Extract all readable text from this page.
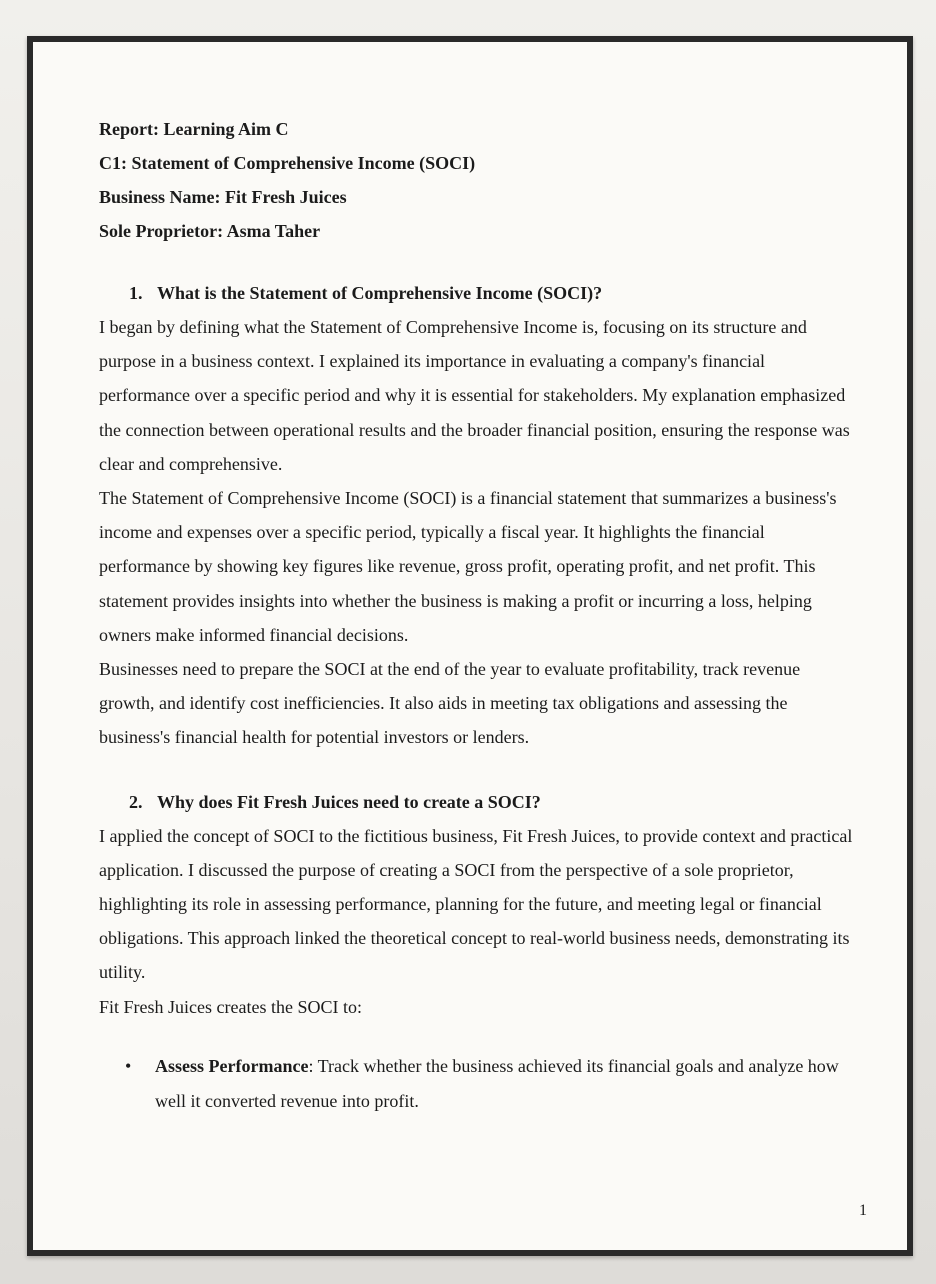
Report: Learning Aim C

C1: Statement of Comprehensive Income (SOCI)

Business Name: Fit Fresh Juices

Sole Proprietor: Asma Taher

1. What is the Statement of Comprehensive Income (SOCI)?

I began by defining what the Statement of Comprehensive Income is, focusing on its structure and purpose in a business context. I explained its importance in evaluating a company's financial performance over a specific period and why it is essential for stakeholders. My explanation emphasized the connection between operational results and the broader financial position, ensuring the response was clear and comprehensive.

The Statement of Comprehensive Income (SOCI) is a financial statement that summarizes a business's income and expenses over a specific period, typically a fiscal year. It highlights the financial performance by showing key figures like revenue, gross profit, operating profit, and net profit. This statement provides insights into whether the business is making a profit or incurring a loss, helping owners make informed financial decisions.

Businesses need to prepare the SOCI at the end of the year to evaluate profitability, track revenue growth, and identify cost inefficiencies. It also aids in meeting tax obligations and assessing the business's financial health for potential investors or lenders.

2. Why does Fit Fresh Juices need to create a SOCI?

I applied the concept of SOCI to the fictitious business, Fit Fresh Juices, to provide context and practical application. I discussed the purpose of creating a SOCI from the perspective of a sole proprietor, highlighting its role in assessing performance, planning for the future, and meeting legal or financial obligations. This approach linked the theoretical concept to real-world business needs, demonstrating its utility.

Fit Fresh Juices creates the SOCI to:

• Assess Performance: Track whether the business achieved its financial goals and analyze how well it converted revenue into profit.
1
